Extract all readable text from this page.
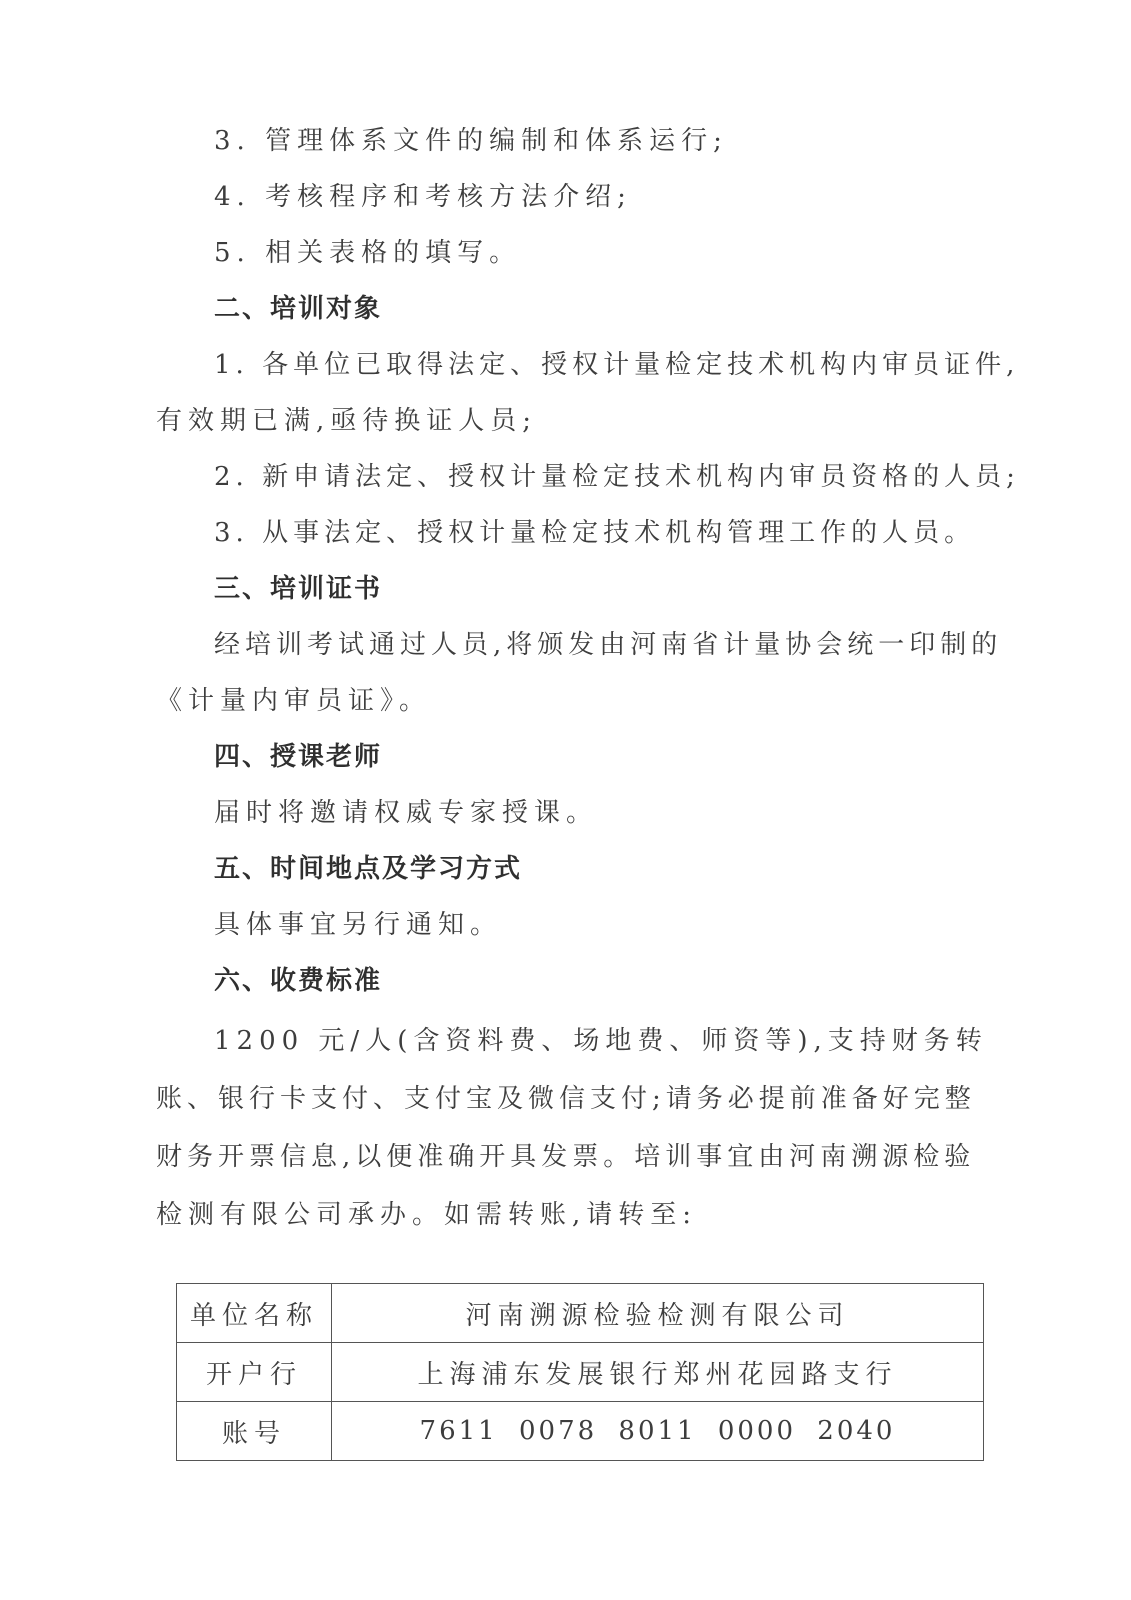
3. 管理体系文件的编制和体系运行;
4. 考核程序和考核方法介绍;
5. 相关表格的填写。
二、培训对象
1. 各单位已取得法定、授权计量检定技术机构内审员证件,
有效期已满,亟待换证人员;
2. 新申请法定、授权计量检定技术机构内审员资格的人员;
3. 从事法定、授权计量检定技术机构管理工作的人员。
三、培训证书
经培训考试通过人员,将颁发由河南省计量协会统一印制的
《计量内审员证》。
四、授课老师
届时将邀请权威专家授课。
五、时间地点及学习方式
具体事宜另行通知。
六、收费标准
1200 元/人(含资料费、场地费、师资等),支持财务转
账、银行卡支付、支付宝及微信支付;请务必提前准备好完整
财务开票信息,以便准确开具发票。培训事宜由河南溯源检验
检测有限公司承办。如需转账,请转至:
单位名称	河南溯源检验检测有限公司
开户行	上海浦东发展银行郑州花园路支行
账号	7611 0078 8011 0000 2040
